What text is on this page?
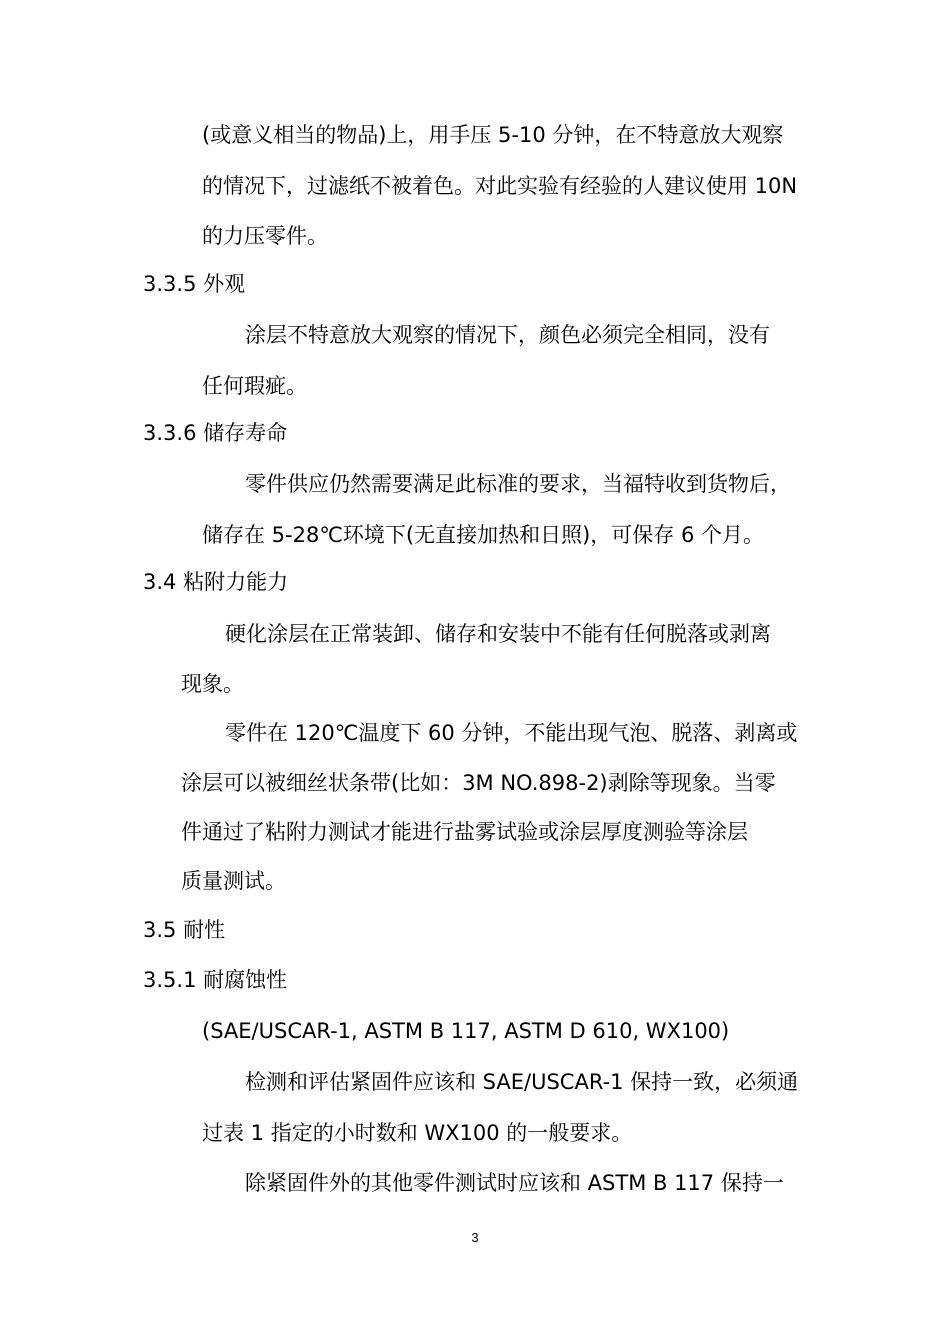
(或意义相当的物品)上，用手压 5-10 分钟，在不特意放大观察
的情况下，过滤纸不被着色。对此实验有经验的人建议使用 10N
的力压零件。
3.3.5 外观
涂层不特意放大观察的情况下，颜色必须完全相同，没有
任何瑕疵。
3.3.6 储存寿命
零件供应仍然需要满足此标准的要求，当福特收到货物后，
储存在 5-28℃环境下(无直接加热和日照)，可保存 6 个月。
3.4 粘附力能力
硬化涂层在正常装卸、储存和安装中不能有任何脱落或剥离
现象。
零件在 120℃温度下 60 分钟，不能出现气泡、脱落、剥离或
涂层可以被细丝状条带(比如：3M NO.898-2)剥除等现象。当零
件通过了粘附力测试才能进行盐雾试验或涂层厚度测验等涂层
质量测试。
3.5 耐性
3.5.1 耐腐蚀性
(SAE/USCAR-1, ASTM B 117, ASTM D 610, WX100)
检测和评估紧固件应该和 SAE/USCAR-1 保持一致，必须通
过表 1 指定的小时数和 WX100 的一般要求。
除紧固件外的其他零件测试时应该和 ASTM B 117 保持一
3
